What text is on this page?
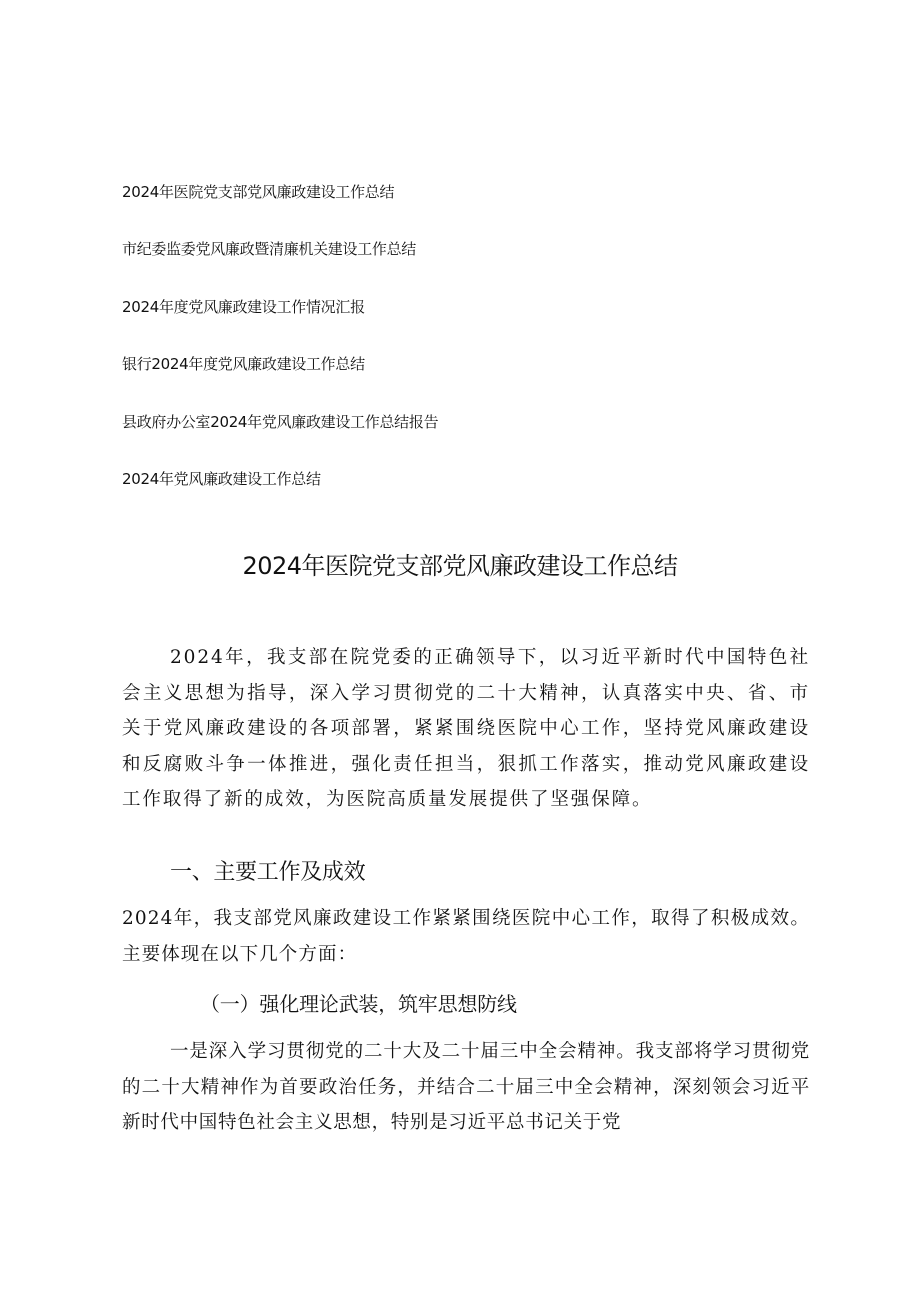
2024年医院党支部党风廉政建设工作总结
市纪委监委党风廉政暨清廉机关建设工作总结
2024年度党风廉政建设工作情况汇报
银行2024年度党风廉政建设工作总结
县政府办公室2024年党风廉政建设工作总结报告
2024年党风廉政建设工作总结
2024年医院党支部党风廉政建设工作总结

2024年，我支部在院党委的正确领导下，以习近平新时代中国特色社会主义思想为指导，深入学习贯彻党的二十大精神，认真落实中央、省、市关于党风廉政建设的各项部署，紧紧围绕医院中心工作，坚持党风廉政建设和反腐败斗争一体推进，强化责任担当，狠抓工作落实，推动党风廉政建设工作取得了新的成效，为医院高质量发展提供了坚强保障。

一、主要工作及成效

2024年，我支部党风廉政建设工作紧紧围绕医院中心工作，取得了积极成效。主要体现在以下几个方面：

（一）强化理论武装，筑牢思想防线

一是深入学习贯彻党的二十大及二十届三中全会精神。我支部将学习贯彻党的二十大精神作为首要政治任务，并结合二十届三中全会精神，深刻领会习近平新时代中国特色社会主义思想，特别是习近平总书记关于党
